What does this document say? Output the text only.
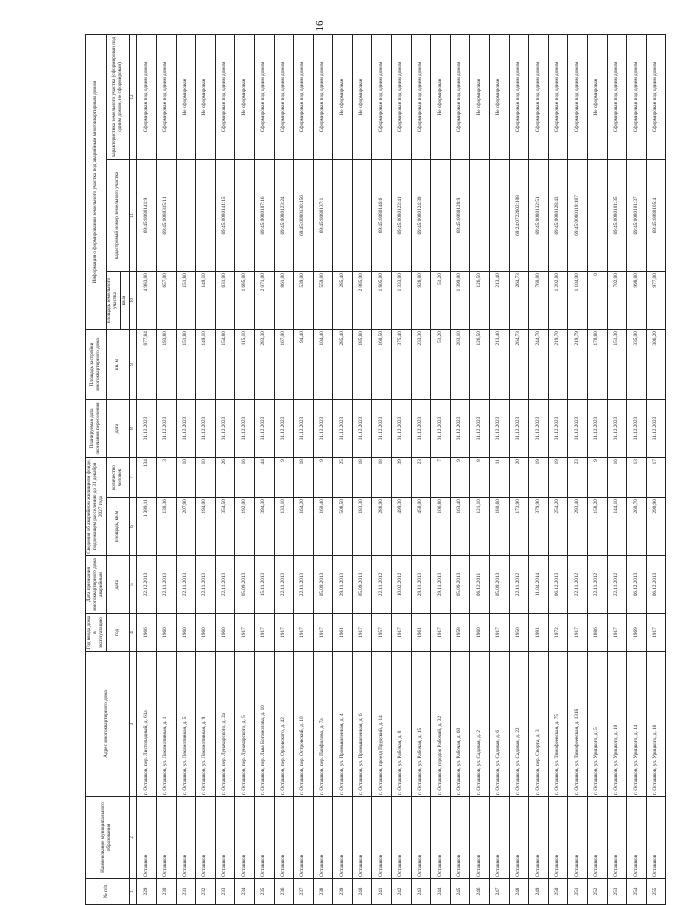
16
№ п/п	Наименование муниципального образования	Адрес многоквартирного дома	Год ввода дома в эксплуатацию	Дата признания многоквартирного дома аварийным	Сведения об аварийном жилищном фонде, подлежащем расселению до 31 декабря 2027 года		Планируемая дата окончания переселения	Площадь застройки многоквартирного дома	Информация о формировании земельного участка под аварийным многоквартирным домом		
			год	дата	площадь, кв.м	количество человек	дата	кв. м	площадь земельного участка	кадастровый номер земельного участка	характеристика земельного участка (сформирован под одним домом, не сформирован)
									кв.м		
1	2	3	4	5	6	7	8	9	10	11	12
229	Осташков	г. Осташков, пер. Листопадный, д. 61а	1966	22.12.2013	1 389,11	134	31.12.2023	877,84	4 983,00	69:45:0080141:9	Сформирован под одним домом
230	Осташков	г. Осташков, ул. Локомотивная, д. 1	1960	22.11.2013	130,36	3	31.12.2023	193,80	657,00	69:45:0080315:11	Сформирован под одним домом
231	Осташков	г. Осташков, ул. Локомотивная, д. 5	1960	22.11.2013	207,90	10	31.12.2023	151,80	151,80		Не сформирован
232	Осташков	г. Осташков, ул. Локомотивная, д. 9	1960	22.11.2013	194,00	10	31.12.2023	149,10	149,10		Не сформирован
233	Осташков	г. Осташков, пер. Луначарского, д. 2а	1960	22.11.2013	354,50	26	31.12.2023	154,80	631,00	69:45:0080141:15	Сформирован под одним домом
234	Осташков	г. Осташков, пер. Луначарского, д. 5	1917	05.09.2013	192,00	16	31.12.2023	115,10	1 685,00		Не сформирован
235	Осташков	г. Осташков, пер. Льва Богомолова, д. 10	1917	15.11.2013	394,30	44	31.12.2023	283,30	2 071,00	69:45:0080107:16	Сформирован под одним домом
236	Осташков	г. Осташков, пер. Орловского, д. 42	1917	22.11.2013	133,10	9	31.12.2023	167,00	861,00	69:45:0080123:24	Сформирован под одним домом
237	Осташков	г. Осташков, пер. Островский, д. 10	1917	22.11.2013	164,20	18	31.12.2023	94,40	539,00	69:45:0080130:156	Сформирован под одним домом
238	Осташков	г. Осташков, пер. Панфилова, д. 7а	1917	05.09.2013	160,40	9	31.12.2023	104,40	559,00	69:45:0080137:1	Сформирован под одним домом
239	Осташков	г. Осташков, ул. Промышленная, д. 4	1961	29.11.2013	508,50	25	31.12.2023	285,40	285,40		Не сформирован
240	Осташков	г. Осташков, ул. Промышленная, д. 6	1917	05.09.2013	183,30	18	31.12.2023	185,80	2 085,00		Не сформирован
241	Осташков	г. Осташков, проезд Прудский, д. 14	1957	22.11.2012	288,90	18	31.12.2023	160,50	1 805,00	69:45:0080146:6	Сформирован под одним домом
242	Осташков	г. Осташков, ул. Рабочая, д. 8	1917	10.02.2012	499,30	39	31.12.2023	375,40	1 333,00	69:45:0080122:41	Сформирован под одним домом
243	Осташков	г. Осташков, ул. Рабочая, д. 15	1961	29.11.2013	458,00	23	31.12.2023	233,30	928,00	69:45:0080124:39	Сформирован под одним домом
244	Осташков	г. Осташков, городок Рабочий, д. 32	1917	29.11.2013	106,80	7	31.12.2023	51,20	51,20		Не сформирован
245	Осташков	г. Осташков, ул. Рабочая, д. 60	1958	05.09.2013	163,40	9	31.12.2023	203,10	1 399,00	69:45:0080128:9	Сформирован под одним домом
246	Осташков	г. Осташков, ул. Садовая, д. 2	1960	06.12.2011	121,10	8	31.12.2023	126,50	126,50		Не сформирован
247	Осташков	г. Осташков, ул. Садовая, д. 6	1917	05.09.2013	180,60	11	31.12.2023	213,40	213,40		Не сформирован
248	Осташков	г. Осташков, ул. Садовая, д. 22	1950	22.11.2012	173,90	20	31.12.2023	264,73	264,73	69:24:0722602:108	Сформирован под одним домом
249	Осташков	г. Осташков, пер. Спорта, д. 3	1981	11.04.2014	379,90	19	31.12.2023	244,70	760,00	69:45:0080132:51	Сформирован под одним домом
250	Осташков	г. Осташков, ул. Тимофеевская, д. 75	1972	06.12.2013	254,20	19	31.12.2023	219,70	1 202,00	69:45:0080128:43	Сформирован под одним домом
251	Осташков	г. Осташков, ул. Тимофеевская, д. 131б	1917	22.11.2012	293,40	23	31.12.2023	219,79	1 104,00	69:45:0080119:187	Сформирован под одним домом
252	Осташков	г. Осташков, ул. Урицкого, д. 5	1886	22.11.2012	158,20	9	31.12.2023	170,80	0		Не сформирован
253	Осташков	г. Осташков, ул. Урицкого, д. 10	1917	22.11.2012	144,10	16	31.12.2023	151,30	702,00	69:45:0080101:35	Сформирован под одним домом
254	Осташков	г. Осташков, ул. Урицкого, д. 14	1969	06.12.2013	260,70	13	31.12.2023	335,00	998,00	69:45:0080101:37	Сформирован под одним домом
255	Осташков	г. Осташков, ул. Урицкого, д. 16	1917	06.12.2013	290,90	17	31.12.2023	306,20	977,00	69:45:0080105:4	Сформирован под одним домом
